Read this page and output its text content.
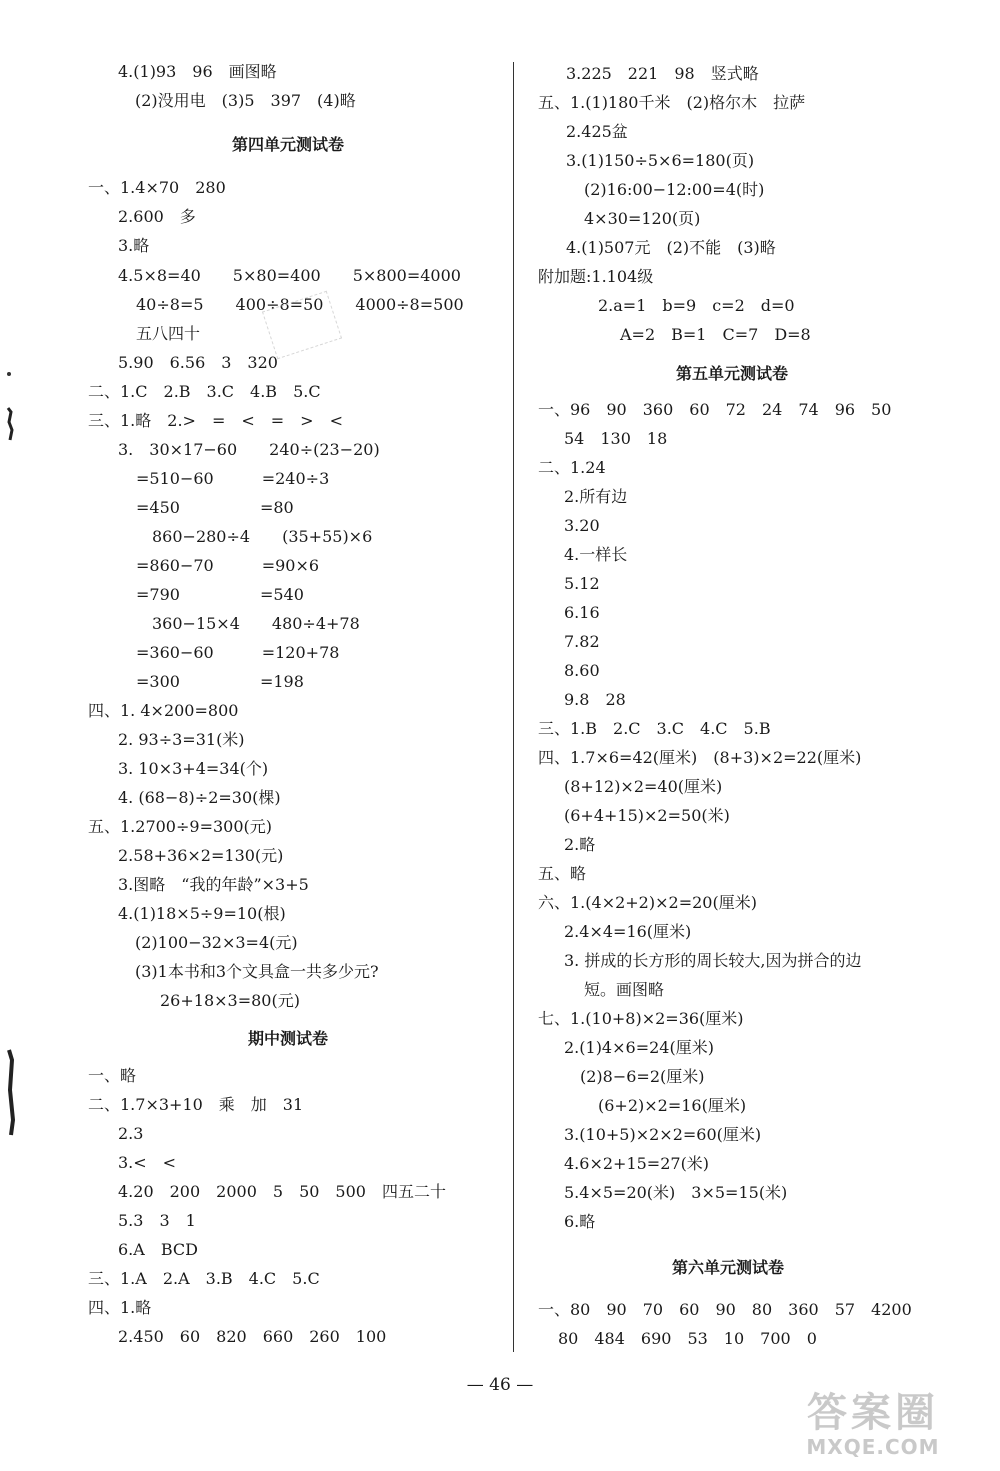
4.(1)93　96　画图略
(2)没用电　(3)5　397　(4)略
第四单元测试卷
一、1.4×70　280
2.600　多
3.略
4.5×8=40　　5×80=400　　5×800=4000
40÷8=5　　400÷8=50　　4000÷8=500
五八四十
5.90　6.56　3　320
二、1.C　2.B　3.C　4.B　5.C
三、1.略　2.>　=　<　=　>　<
3.　30×17−60　　240÷(23−20)
=510−60　　　=240÷3
=450　　　　　=80
860−280÷4　　(35+55)×6
=860−70　　　=90×6
=790　　　　　=540
360−15×4　　480÷4+78
=360−60　　　=120+78
=300　　　　　=198
四、1. 4×200=800
2. 93÷3=31(米)
3. 10×3+4=34(个)
4. (68−8)÷2=30(棵)
五、1.2700÷9=300(元)
2.58+36×2=130(元)
3.图略　“我的年龄”×3+5
4.(1)18×5÷9=10(根)
(2)100−32×3=4(元)
(3)1本书和3个文具盒一共多少元?
26+18×3=80(元)
期中测试卷
一、略
二、1.7×3+10　乘　加　31
2.3
3.<　<
4.20　200　2000　5　50　500　四五二十
5.3　3　1
6.A　BCD
三、1.A　2.A　3.B　4.C　5.C
四、1.略
2.450　60　820　660　260　100
3.225　221　98　竖式略
五、1.(1)180千米　(2)格尔木　拉萨
2.425盆
3.(1)150÷5×6=180(页)
(2)16:00−12:00=4(时)
4×30=120(页)
4.(1)507元　(2)不能　(3)略
附加题:1.104级
2.a=1　b=9　c=2　d=0
A=2　B=1　C=7　D=8
第五单元测试卷
一、96　90　360　60　72　24　74　96　50
54　130　18
二、1.24
2.所有边
3.20
4.一样长
5.12
6.16
7.82
8.60
9.8　28
三、1.B　2.C　3.C　4.C　5.B
四、1.7×6=42(厘米)　(8+3)×2=22(厘米)
(8+12)×2=40(厘米)
(6+4+15)×2=50(米)
2.略
五、略
六、1.(4×2+2)×2=20(厘米)
2.4×4=16(厘米)
3. 拼成的长方形的周长较大,因为拼合的边
短。画图略
七、1.(10+8)×2=36(厘米)
2.(1)4×6=24(厘米)
(2)8−6=2(厘米)
(6+2)×2=16(厘米)
3.(10+5)×2×2=60(厘米)
4.6×2+15=27(米)
5.4×5=20(米)　3×5=15(米)
6.略
第六单元测试卷
一、80　90　70　60　90　80　360　57　4200
80　484　690　53　10　700　0
— 46 —
答案圈
MXQE.COM
